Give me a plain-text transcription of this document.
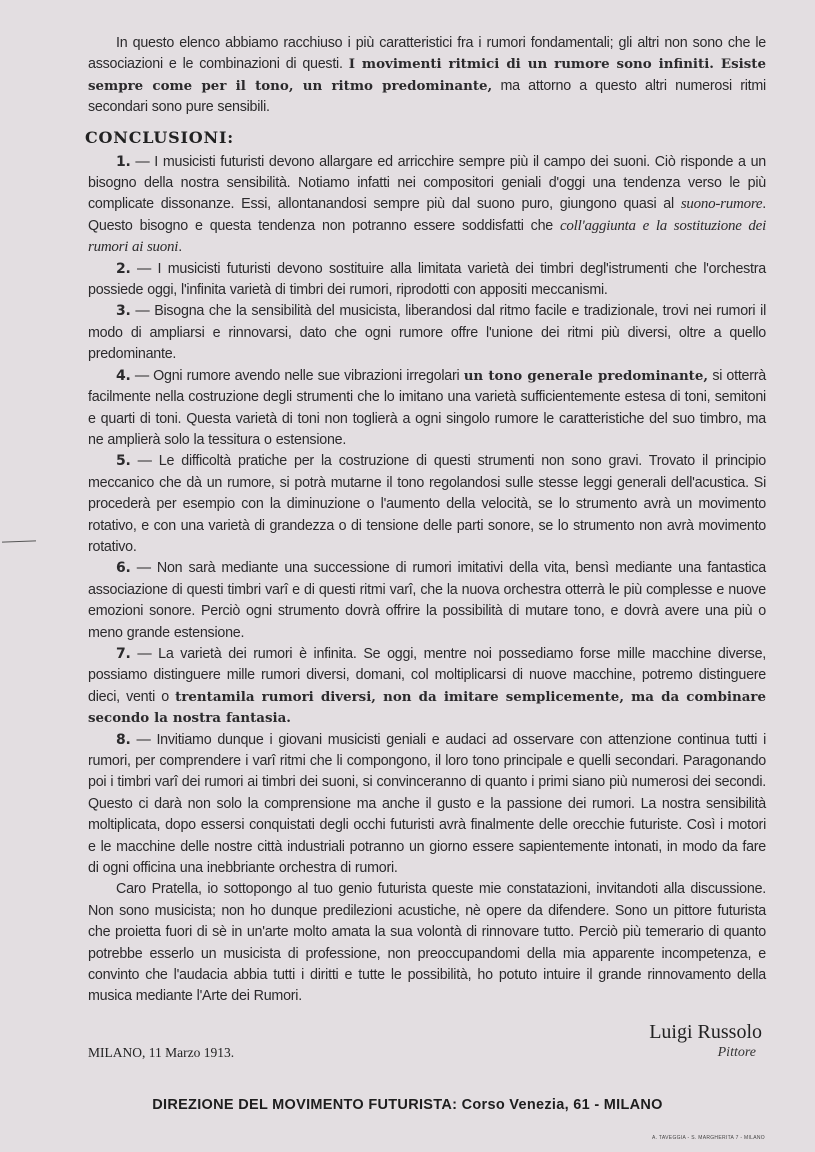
In questo elenco abbiamo racchiuso i più caratteristici fra i rumori fondamentali; gli altri non sono che le associazioni e le combinazioni di questi. I movimenti ritmici di un rumore sono infiniti. Esiste sempre come per il tono, un ritmo predominante, ma attorno a questo altri numerosi ritmi secondari sono pure sensibili.

CONCLUSIONI:

1. — I musicisti futuristi devono allargare ed arricchire sempre più il campo dei suoni. Ciò risponde a un bisogno della nostra sensibilità. Notiamo infatti nei compositori geniali d'oggi una tendenza verso le più complicate dissonanze. Essi, allontanandosi sempre più dal suono puro, giungono quasi al suono-rumore. Questo bisogno e questa tendenza non potranno essere soddisfatti che coll'aggiunta e la sostituzione dei rumori ai suoni.

2. — I musicisti futuristi devono sostituire alla limitata varietà dei timbri degl'istrumenti che l'orchestra possiede oggi, l'infinita varietà di timbri dei rumori, riprodotti con appositi meccanismi.

3. — Bisogna che la sensibilità del musicista, liberandosi dal ritmo facile e tradizionale, trovi nei rumori il modo di ampliarsi e rinnovarsi, dato che ogni rumore offre l'unione dei ritmi più diversi, oltre a quello predominante.

4. — Ogni rumore avendo nelle sue vibrazioni irregolari un tono generale predominante, si otterrà facilmente nella costruzione degli strumenti che lo imitano una varietà sufficientemente estesa di toni, semitoni e quarti di toni. Questa varietà di toni non toglierà a ogni singolo rumore le caratteristiche del suo timbro, ma ne amplierà solo la tessitura o estensione.

5. — Le difficoltà pratiche per la costruzione di questi strumenti non sono gravi. Trovato il principio meccanico che dà un rumore, si potrà mutarne il tono regolandosi sulle stesse leggi generali dell'acustica. Si procederà per esempio con la diminuzione o l'aumento della velocità, se lo strumento avrà un movimento rotativo, e con una varietà di grandezza o di tensione delle parti sonore, se lo strumento non avrà movimento rotativo.

6. — Non sarà mediante una successione di rumori imitativi della vita, bensì mediante una fantastica associazione di questi timbri varî e di questi ritmi varî, che la nuova orchestra otterrà le più complesse e nuove emozioni sonore. Perciò ogni strumento dovrà offrire la possibilità di mutare tono, e dovrà avere una più o meno grande estensione.

7. — La varietà dei rumori è infinita. Se oggi, mentre noi possediamo forse mille macchine diverse, possiamo distinguere mille rumori diversi, domani, col moltiplicarsi di nuove macchine, potremo distinguere dieci, venti o trentamila rumori diversi, non da imitare semplicemente, ma da combinare secondo la nostra fantasia.

8. — Invitiamo dunque i giovani musicisti geniali e audaci ad osservare con attenzione continua tutti i rumori, per comprendere i varî ritmi che li compongono, il loro tono principale e quelli secondari. Paragonando poi i timbri varî dei rumori ai timbri dei suoni, si convinceranno di quanto i primi siano più numerosi dei secondi. Questo ci darà non solo la comprensione ma anche il gusto e la passione dei rumori. La nostra sensibilità moltiplicata, dopo essersi conquistati degli occhi futuristi avrà finalmente delle orecchie futuriste. Così i motori e le macchine delle nostre città industriali potranno un giorno essere sapientemente intonati, in modo da fare di ogni officina una inebbriante orchestra di rumori.

Caro Pratella, io sottopongo al tuo genio futurista queste mie constatazioni, invitandoti alla discussione. Non sono musicista; non ho dunque predilezioni acustiche, nè opere da difendere. Sono un pittore futurista che proietta fuori di sè in un'arte molto amata la sua volontà di rinnovare tutto. Perciò più temerario di quanto potrebbe esserlo un musicista di professione, non preoccupandomi della mia apparente incompetenza, e convinto che l'audacia abbia tutti i diritti e tutte le possibilità, ho potuto intuire il grande rinnovamento della musica mediante l'Arte dei Rumori.

MILANO, 11 Marzo 1913.
Luigi Russolo
Pittore
DIREZIONE DEL MOVIMENTO FUTURISTA: Corso Venezia, 61 - MILANO
A. TAVEGGIA - S. MARGHERITA 7 - MILANO
